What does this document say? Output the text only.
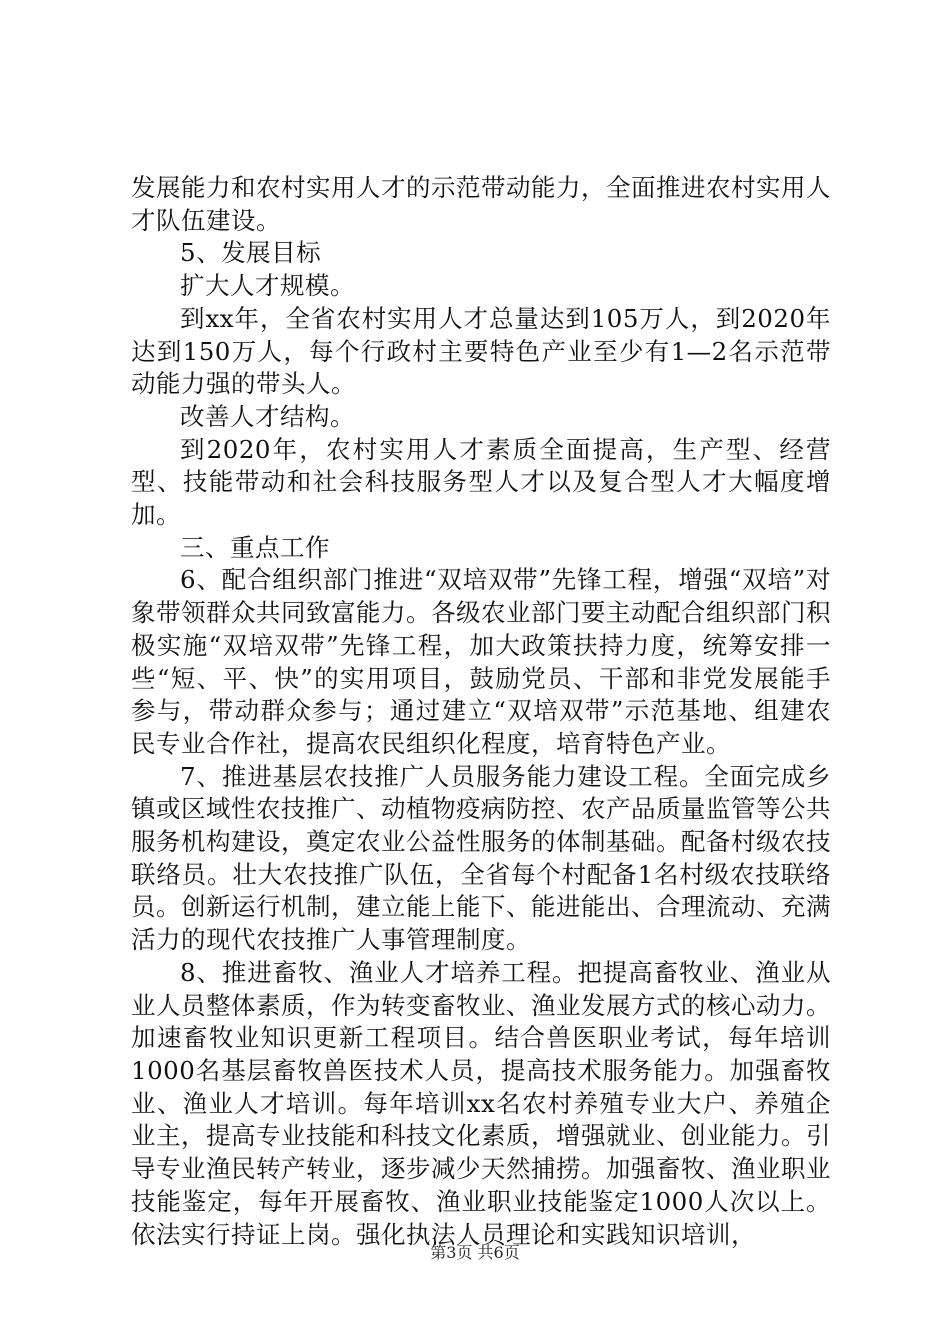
发展能力和农村实用人才的示范带动能力，全面推进农村实用人才队伍建设。

5、发展目标

扩大人才规模。

到xx年，全省农村实用人才总量达到105万人，到2020年达到150万人，每个行政村主要特色产业至少有1—2名示范带动能力强的带头人。

改善人才结构。

到2020年，农村实用人才素质全面提高，生产型、经营型、技能带动和社会科技服务型人才以及复合型人才大幅度增加。

三、重点工作

6、配合组织部门推进“双培双带”先锋工程，增强“双培”对象带领群众共同致富能力。各级农业部门要主动配合组织部门积极实施“双培双带”先锋工程，加大政策扶持力度，统筹安排一些“短、平、快”的实用项目，鼓励党员、干部和非党发展能手参与，带动群众参与；通过建立“双培双带”示范基地、组建农民专业合作社，提高农民组织化程度，培育特色产业。

7、推进基层农技推广人员服务能力建设工程。全面完成乡镇或区域性农技推广、动植物疫病防控、农产品质量监管等公共服务机构建设，奠定农业公益性服务的体制基础。配备村级农技联络员。壮大农技推广队伍，全省每个村配备1名村级农技联络员。创新运行机制，建立能上能下、能进能出、合理流动、充满活力的现代农技推广人事管理制度。

8、推进畜牧、渔业人才培养工程。把提高畜牧业、渔业从业人员整体素质，作为转变畜牧业、渔业发展方式的核心动力。加速畜牧业知识更新工程项目。结合兽医职业考试，每年培训1000名基层畜牧兽医技术人员，提高技术服务能力。加强畜牧业、渔业人才培训。每年培训xx名农村养殖专业大户、养殖企业主，提高专业技能和科技文化素质，增强就业、创业能力。引导专业渔民转产转业，逐步减少天然捕捞。加强畜牧、渔业职业技能鉴定，每年开展畜牧、渔业职业技能鉴定1000人次以上。依法实行持证上岗。强化执法人员理论和实践知识培训，

第3页 共6页
